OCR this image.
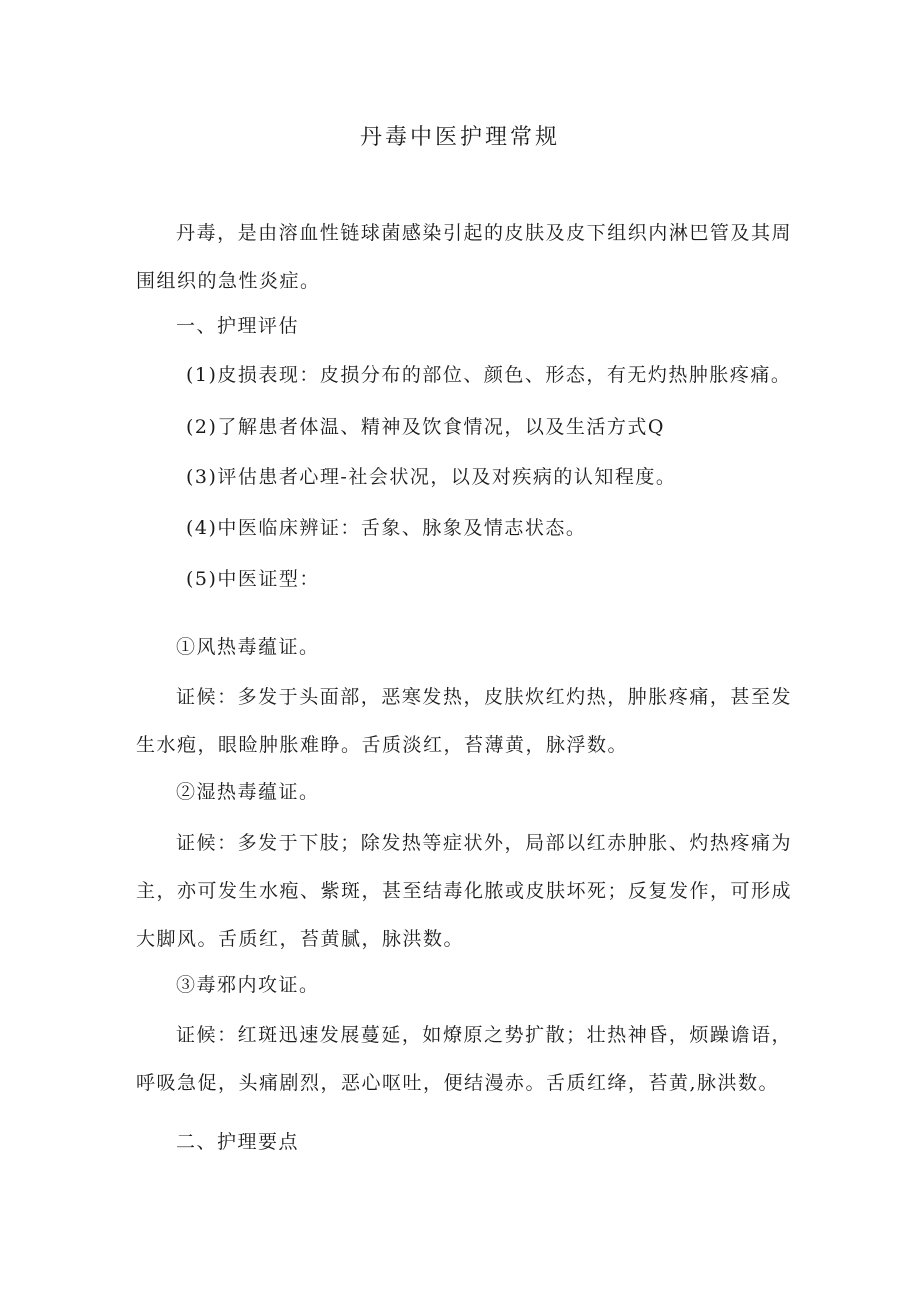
丹毒中医护理常规

丹毒，是由溶血性链球菌感染引起的皮肤及皮下组织内淋巴管及其周围组织的急性炎症。

一、护理评估

(1)皮损表现：皮损分布的部位、颜色、形态，有无灼热肿胀疼痛。

(2)了解患者体温、精神及饮食情况，以及生活方式Q

(3)评估患者心理-社会状况，以及对疾病的认知程度。

(4)中医临床辨证：舌象、脉象及情志状态。

(5)中医证型：

①风热毒蕴证。

证候：多发于头面部，恶寒发热，皮肤炊红灼热，肿胀疼痛，甚至发生水疱，眼睑肿胀难睁。舌质淡红，苔薄黄，脉浮数。

②湿热毒蕴证。

证候：多发于下肢；除发热等症状外，局部以红赤肿胀、灼热疼痛为主，亦可发生水疱、紫斑，甚至结毒化脓或皮肤坏死；反复发作，可形成大脚风。舌质红，苔黄腻，脉洪数。

③毒邪内攻证。

证候：红斑迅速发展蔓延，如燎原之势扩散；壮热神昏，烦躁谵语，呼吸急促，头痛剧烈，恶心呕吐，便结漫赤。舌质红绛，苔黄,脉洪数。

二、护理要点
